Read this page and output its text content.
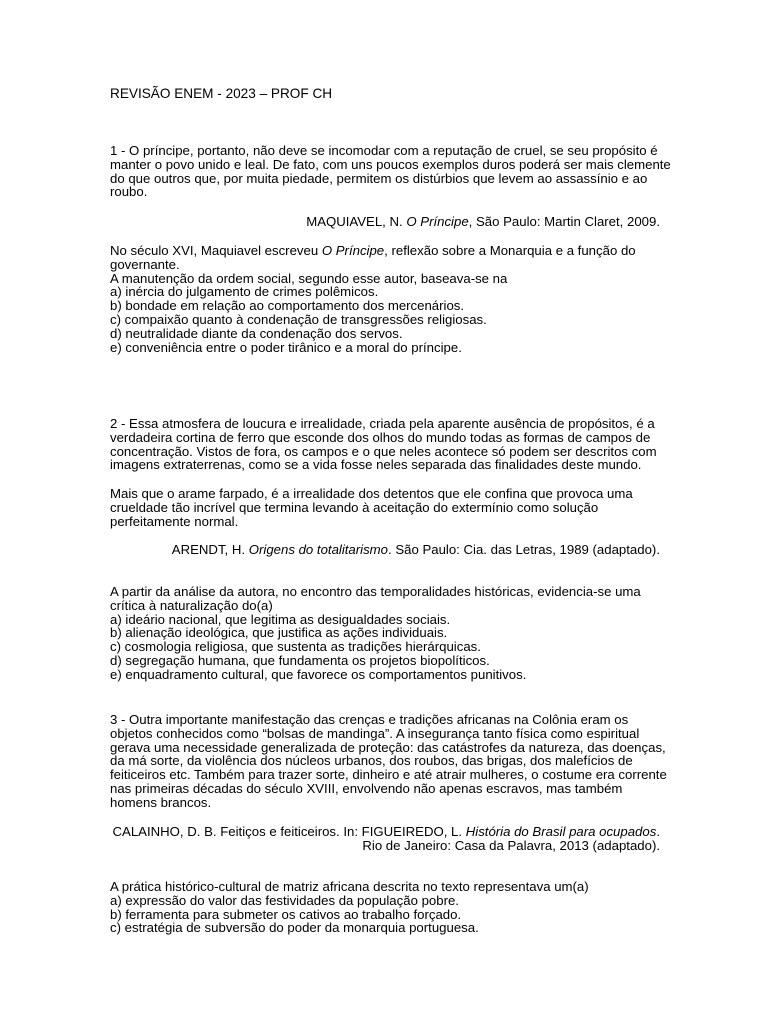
REVISÃO ENEM - 2023 – PROF CH
1 - O príncipe, portanto, não deve se incomodar com a reputação de cruel, se seu propósito é
manter o povo unido e leal. De fato, com uns poucos exemplos duros poderá ser mais clemente
do que outros que, por muita piedade, permitem os distúrbios que levem ao assassínio e ao
roubo.
MAQUIAVEL, N. O Príncipe, São Paulo: Martin Claret, 2009.
No século XVI, Maquiavel escreveu O Príncipe, reflexão sobre a Monarquia e a função do
governante.
A manutenção da ordem social, segundo esse autor, baseava-se na
a) inércia do julgamento de crimes polêmicos.
b) bondade em relação ao comportamento dos mercenários.
c) compaixão quanto à condenação de transgressões religiosas.
d) neutralidade diante da condenação dos servos.
e) conveniência entre o poder tirânico e a moral do príncipe.
2 - Essa atmosfera de loucura e irrealidade, criada pela aparente ausência de propósitos, é a
verdadeira cortina de ferro que esconde dos olhos do mundo todas as formas de campos de
concentração. Vistos de fora, os campos e o que neles acontece só podem ser descritos com
imagens extraterrenas, como se a vida fosse neles separada das finalidades deste mundo.
Mais que o arame farpado, é a irrealidade dos detentos que ele confina que provoca uma
crueldade tão incrível que termina levando à aceitação do extermínio como solução
perfeitamente normal.
ARENDT, H. Origens do totalitarismo. São Paulo: Cia. das Letras, 1989 (adaptado).
A partir da análise da autora, no encontro das temporalidades históricas, evidencia-se uma
crítica à naturalização do(a)
a) ideário nacional, que legitima as desigualdades sociais.
b) alienação ideológica, que justifica as ações individuais.
c) cosmologia religiosa, que sustenta as tradições hierárquicas.
d) segregação humana, que fundamenta os projetos biopolíticos.
e) enquadramento cultural, que favorece os comportamentos punitivos.
3 - Outra importante manifestação das crenças e tradições africanas na Colônia eram os
objetos conhecidos como “bolsas de mandinga”. A insegurança tanto física como espiritual
gerava uma necessidade generalizada de proteção: das catástrofes da natureza, das doenças,
da má sorte, da violência dos núcleos urbanos, dos roubos, das brigas, dos malefícios de
feiticeiros etc. Também para trazer sorte, dinheiro e até atrair mulheres, o costume era corrente
nas primeiras décadas do século XVIII, envolvendo não apenas escravos, mas também
homens brancos.
CALAINHO, D. B. Feitiços e feiticeiros. In: FIGUEIREDO, L. História do Brasil para ocupados.
Rio de Janeiro: Casa da Palavra, 2013 (adaptado).
A prática histórico-cultural de matriz africana descrita no texto representava um(a)
a) expressão do valor das festividades da população pobre.
b) ferramenta para submeter os cativos ao trabalho forçado.
c) estratégia de subversão do poder da monarquia portuguesa.
